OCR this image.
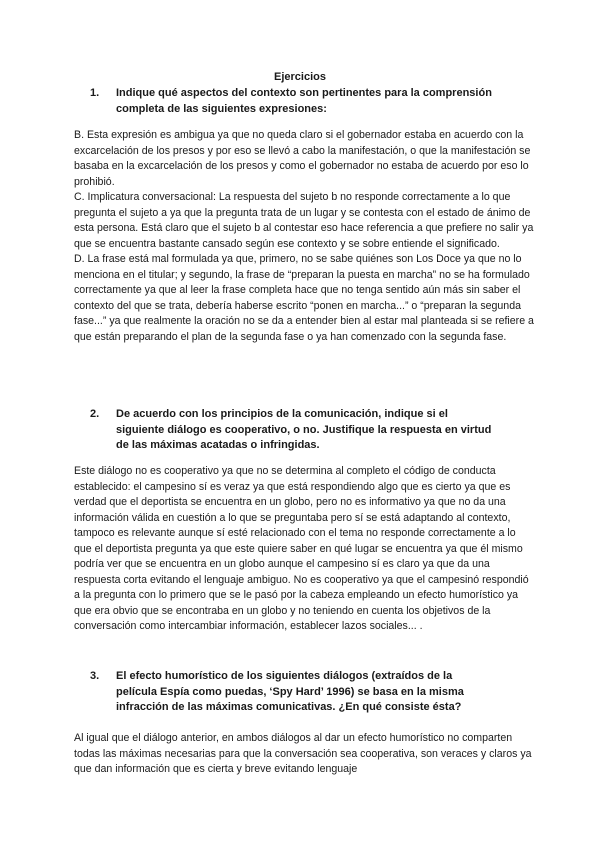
Ejercicios
1. Indique qué aspectos del contexto son pertinentes para la comprensión completa de las siguientes expresiones:

B. Esta expresión es ambigua ya que no queda claro si el gobernador estaba en acuerdo con la excarcelación de los presos y por eso se llevó a cabo la manifestación, o que la manifestación se basaba en la excarcelación de los presos y como el gobernador no estaba de acuerdo por eso lo prohibió.

C. Implicatura conversacional: La respuesta del sujeto b no responde correctamente a lo que pregunta el sujeto a ya que la pregunta trata de un lugar y se contesta con el estado de ánimo de esta persona. Está claro que el sujeto b al contestar eso hace referencia a que prefiere no salir ya que se encuentra bastante cansado según ese contexto y se sobre entiende el significado.

D. La frase está mal formulada ya que, primero, no se sabe quiénes son Los Doce ya que no lo menciona en el titular; y segundo, la frase de “preparan la puesta en marcha” no se ha formulado correctamente ya que al leer la frase completa hace que no tenga sentido aún más sin saber el contexto del que se trata, debería haberse escrito “ponen en marcha...” o “preparan la segunda fase...” ya que realmente la oración no se da a entender bien al estar mal planteada si se refiere a que están preparando el plan de la segunda fase o ya han comenzado con la segunda fase.

2. De acuerdo con los principios de la comunicación, indique si el siguiente diálogo es cooperativo, o no. Justifique la respuesta en virtud de las máximas acatadas o infringidas.

Este diálogo no es cooperativo ya que no se determina al completo el código de conducta establecido: el campesino sí es veraz ya que está respondiendo algo que es cierto ya que es verdad que el deportista se encuentra en un globo, pero no es informativo ya que no da una información válida en cuestión a lo que se preguntaba pero sí se está adaptando al contexto, tampoco es relevante aunque sí esté relacionado con el tema no responde correctamente a lo que el deportista pregunta ya que este quiere saber en qué lugar se encuentra ya que él mismo podría ver que se encuentra en un globo aunque el campesino sí es claro ya que da una respuesta corta evitando el lenguaje ambiguo. No es cooperativo ya que el campesinó respondió a la pregunta con lo primero que se le pasó por la cabeza empleando un efecto humorístico ya que era obvio que se encontraba en un globo y no teniendo en cuenta los objetivos de la conversación como intercambiar información, establecer lazos sociales... .

3. El efecto humorístico de los siguientes diálogos (extraídos de la película Espía como puedas, ‘Spy Hard’ 1996) se basa en la misma infracción de las máximas comunicativas. ¿En qué consiste ésta?

Al igual que el diálogo anterior, en ambos diálogos al dar un efecto humorístico no comparten todas las máximas necesarias para que la conversación sea cooperativa, son veraces y claros ya que dan información que es cierta y breve evitando lenguaje
